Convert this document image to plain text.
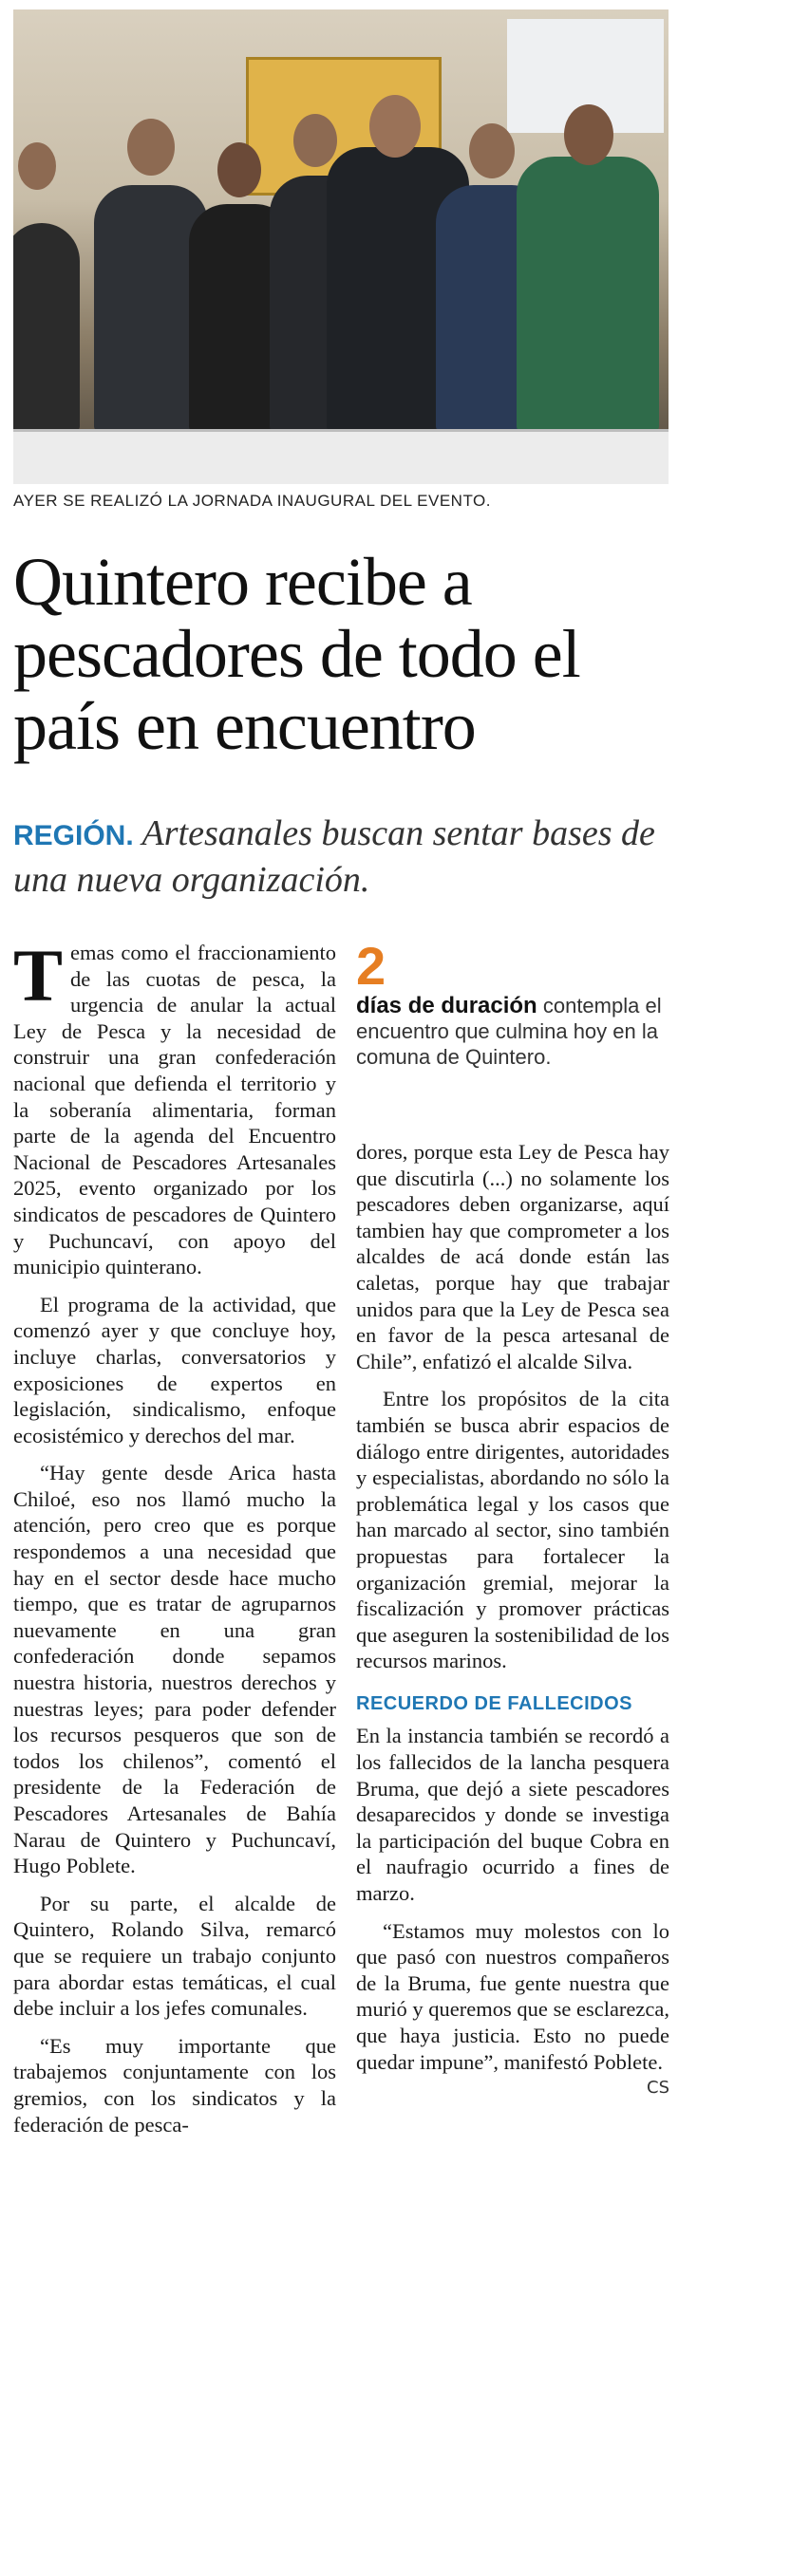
AYER SE REALIZÓ LA JORNADA INAUGURAL DEL EVENTO.
Quintero recibe a pescadores de todo el país en encuentro
REGIÓN. Artesanales buscan sentar bases de una nueva organización.

Temas como el fraccionamiento de las cuotas de pesca, la urgencia de anular la actual Ley de Pesca y la necesidad de construir una gran confederación nacional que defienda el territorio y la soberanía alimentaria, forman parte de la agenda del Encuentro Nacional de Pescadores Artesanales 2025, evento organizado por los sindicatos de pescadores de Quintero y Puchuncaví, con apoyo del municipio quinterano.

El programa de la actividad, que comenzó ayer y que concluye hoy, incluye charlas, conversatorios y exposiciones de expertos en legislación, sindicalismo, enfoque ecosistémico y derechos del mar.

“Hay gente desde Arica hasta Chiloé, eso nos llamó mucho la atención, pero creo que es porque respondemos a una necesidad que hay en el sector desde hace mucho tiempo, que es tratar de agruparnos nuevamente en una gran confederación donde sepamos nuestra historia, nuestros derechos y nuestras leyes; para poder defender los recursos pesqueros que son de todos los chilenos”, comentó el presidente de la Federación de Pescadores Artesanales de Bahía Narau de Quintero y Puchuncaví, Hugo Poblete.

Por su parte, el alcalde de Quintero, Rolando Silva, remarcó que se requiere un trabajo conjunto para abordar estas temáticas, el cual debe incluir a los jefes comunales.

“Es muy importante que trabajemos conjuntamente con los gremios, con los sindicatos y la federación de pesca-

2
días de duración contempla el encuentro que culmina hoy en la comuna de Quintero.

dores, porque esta Ley de Pesca hay que discutirla (...) no solamente los pescadores deben organizarse, aquí tambien hay que comprometer a los alcaldes de acá donde están las caletas, porque hay que trabajar unidos para que la Ley de Pesca sea en favor de la pesca artesanal de Chile”, enfatizó el alcalde Silva.

Entre los propósitos de la cita también se busca abrir espacios de diálogo entre dirigentes, autoridades y especialistas, abordando no sólo la problemática legal y los casos que han marcado al sector, sino también propuestas para fortalecer la organización gremial, mejorar la fiscalización y promover prácticas que aseguren la sostenibilidad de los recursos marinos.

RECUERDO DE FALLECIDOS

En la instancia también se recordó a los fallecidos de la lancha pesquera Bruma, que dejó a siete pescadores desaparecidos y donde se investiga la participación del buque Cobra en el naufragio ocurrido a fines de marzo.

“Estamos muy molestos con lo que pasó con nuestros compañeros de la Bruma, fue gente nuestra que murió y queremos que se esclarezca, que haya justicia. Esto no puede quedar impune”, manifestó Poblete.
CS
